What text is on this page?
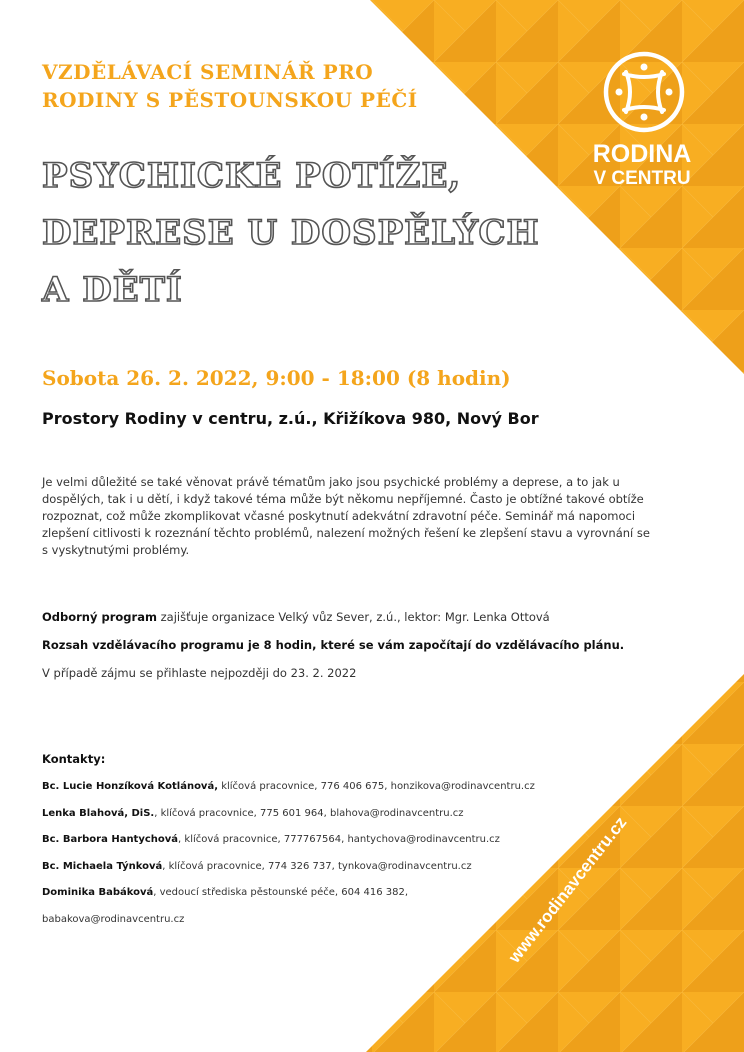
VZDĚLÁVACÍ SEMINÁŘ PRO
RODINY S PĚSTOUNSKOU PÉČÍ
PSYCHICKÉ POTÍŽE,
DEPRESE U DOSPĚLÝCH
A DĚTÍ
Sobota 26. 2. 2022, 9:00 - 18:00 (8 hodin)
Prostory Rodiny v centru, z.ú., Křižíkova 980, Nový Bor
Je velmi důležité se také věnovat právě tématům jako jsou psychické problémy a deprese, a to jak u dospělých, tak i u dětí, i když takové téma může být někomu nepříjemné. Často je obtížné takové obtíže rozpoznat, což může zkomplikovat včasné poskytnutí adekvátní zdravotní péče. Seminář má napomoci zlepšení citlivosti k rozeznání těchto problémů, nalezení možných řešení ke zlepšení stavu a vyrovnání se s vyskytnutými problémy.
Odborný program zajišťuje organizace Velký vůz Sever, z.ú., lektor: Mgr. Lenka Ottová
Rozsah vzdělávacího programu je 8 hodin, které se vám započítají do vzdělávacího plánu.
V případě zájmu se přihlaste nejpozději do 23. 2. 2022
Kontakty:
Bc. Lucie Honzíková Kotlánová, klíčová pracovnice, 776 406 675, honzikova@rodinavcentru.cz
Lenka Blahová, DiS., klíčová pracovnice, 775 601 964, blahova@rodinavcentru.cz
Bc. Barbora Hantychová, klíčová pracovnice, 777767564, hantychova@rodinavcentru.cz
Bc. Michaela Týnková, klíčová pracovnice, 774 326 737, tynkova@rodinavcentru.cz
Dominika Babáková, vedoucí střediska pěstounské péče, 604 416 382,
babakova@rodinavcentru.cz
RODINA
V CENTRU
www.rodinavcentru.cz
